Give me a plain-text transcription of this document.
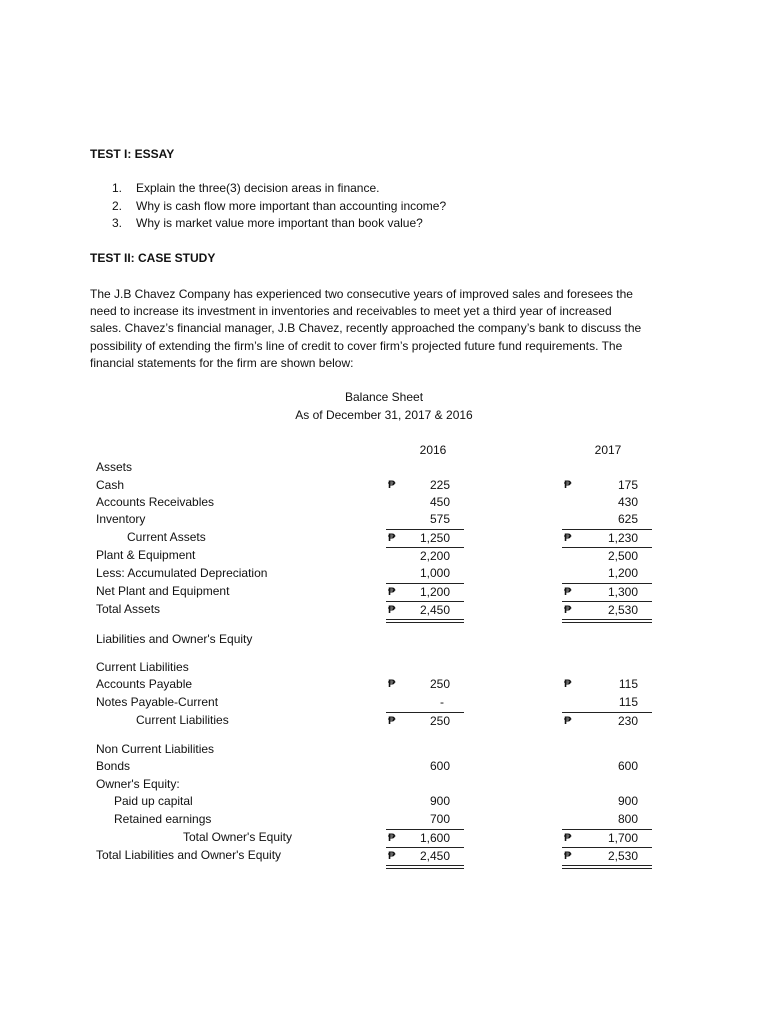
TEST I: ESSAY
1. Explain the three(3) decision areas in finance.
2. Why is cash flow more important than accounting income?
3. Why is market value more important than book value?
TEST II: CASE STUDY
The J.B Chavez Company has experienced two consecutive years of improved sales and foresees the
need to increase its investment in inventories and receivables to meet yet a third year of increased
sales. Chavez’s financial manager, J.B Chavez, recently approached the company’s bank to discuss the
possibility of extending the firm’s line of credit to cover firm’s projected future fund requirements. The
financial statements for the firm are shown below:
Balance Sheet
As of December 31, 2017 & 2016
2016	2017
Assets
Cash	₱	225	₱	175
Accounts Receivables	450	430
Inventory	575	625
Current Assets	₱ 1,250	₱	1,230
Plant & Equipment	2,200	2,500
Less: Accumulated Depreciation	1,000	1,200
Net Plant and Equipment	₱ 1,200	₱	1,300
Total Assets	₱ 2,450	₱	2,530
Liabilities and Owner's Equity
Current Liabilities
Accounts Payable	₱	250	₱	115
Notes Payable-Current	-	115
Current Liabilities	₱	250	₱	230
Non Current Liabilities
Bonds	600	600
Owner's Equity:
Paid up capital	900	900
Retained earnings	700	800
Total Owner's Equity	₱ 1,600	₱	1,700
Total Liabilities and Owner's Equity	₱ 2,450	₱	2,530
